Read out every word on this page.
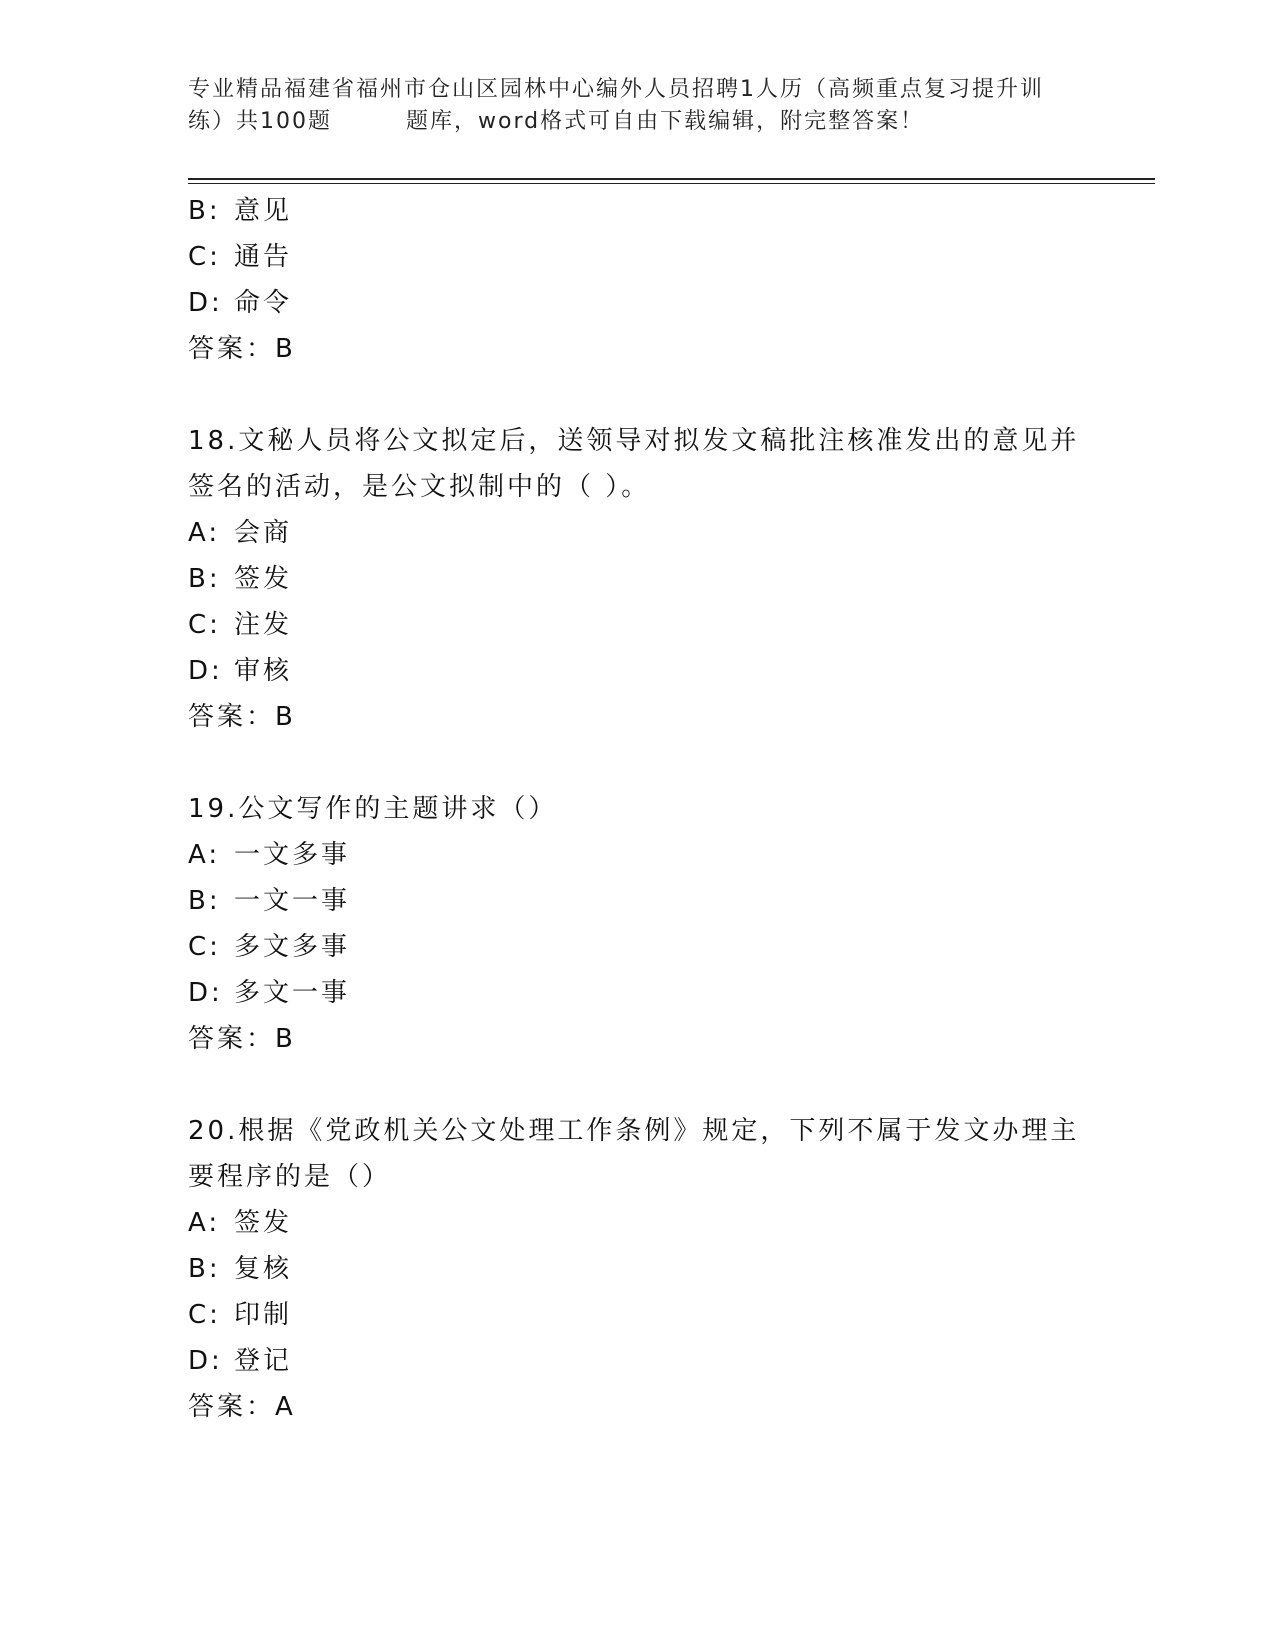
专业精品福建省福州市仓山区园林中心编外人员招聘1人历（高频重点复习提升训
练）共100题	题库，word格式可自由下载编辑，附完整答案！
B: 意见
C: 通告
D: 命令
答案：B
18.文秘人员将公文拟定后，送领导对拟发文稿批注核准发出的意见并
签名的活动，是公文拟制中的（ ）。
A: 会商
B: 签发
C: 注发
D: 审核
答案：B
19.公文写作的主题讲求（）
A: 一文多事
B: 一文一事
C: 多文多事
D: 多文一事
答案：B
20.根据《党政机关公文处理工作条例》规定，下列不属于发文办理主
要程序的是（）
A: 签发
B: 复核
C: 印制
D: 登记
答案：A
